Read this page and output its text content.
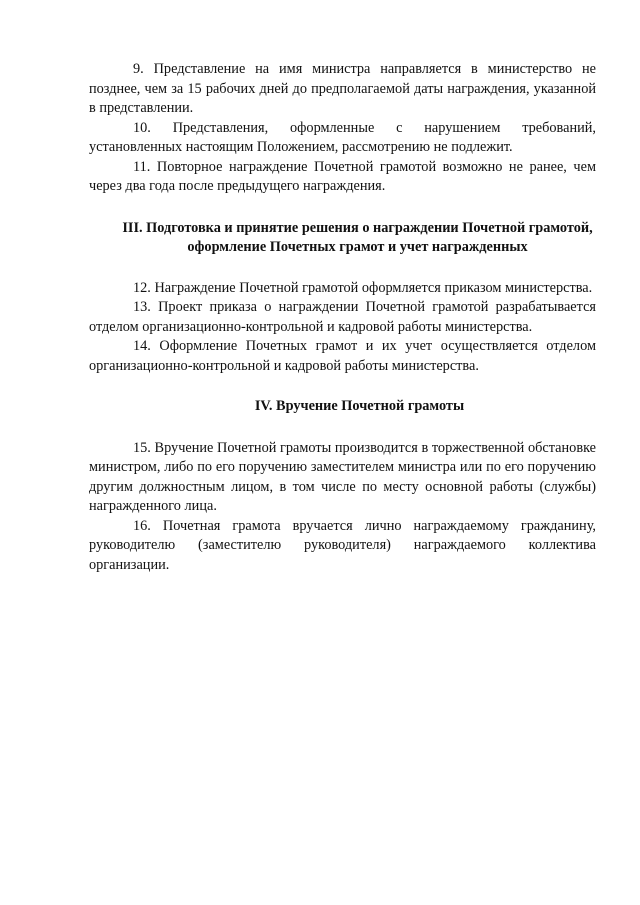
9. Представление на имя министра направляется в министерство не позднее, чем за 15 рабочих дней до предполагаемой даты награждения, указанной в представлении.

10. Представления, оформленные с нарушением требований, установленных настоящим Положением, рассмотрению не подлежит.

11. Повторное награждение Почетной грамотой возможно не ранее, чем через два года после предыдущего награждения.

III. Подготовка и принятие решения о награждении Почетной грамотой, оформление Почетных грамот и учет награжденных

12. Награждение Почетной грамотой оформляется приказом министерства.

13. Проект приказа о награждении Почетной грамотой разрабатывается отделом организационно-контрольной и кадровой работы министерства.

14. Оформление Почетных грамот и их учет осуществляется отделом организационно-контрольной и кадровой работы министерства.

IV. Вручение Почетной грамоты

15. Вручение Почетной грамоты производится в торжественной обстановке министром, либо по его поручению заместителем министра или по его поручению другим должностным лицом, в том числе по месту основной работы (службы) награжденного лица.

16. Почетная грамота вручается лично награждаемому гражданину, руководителю (заместителю руководителя) награждаемого коллектива организации.
